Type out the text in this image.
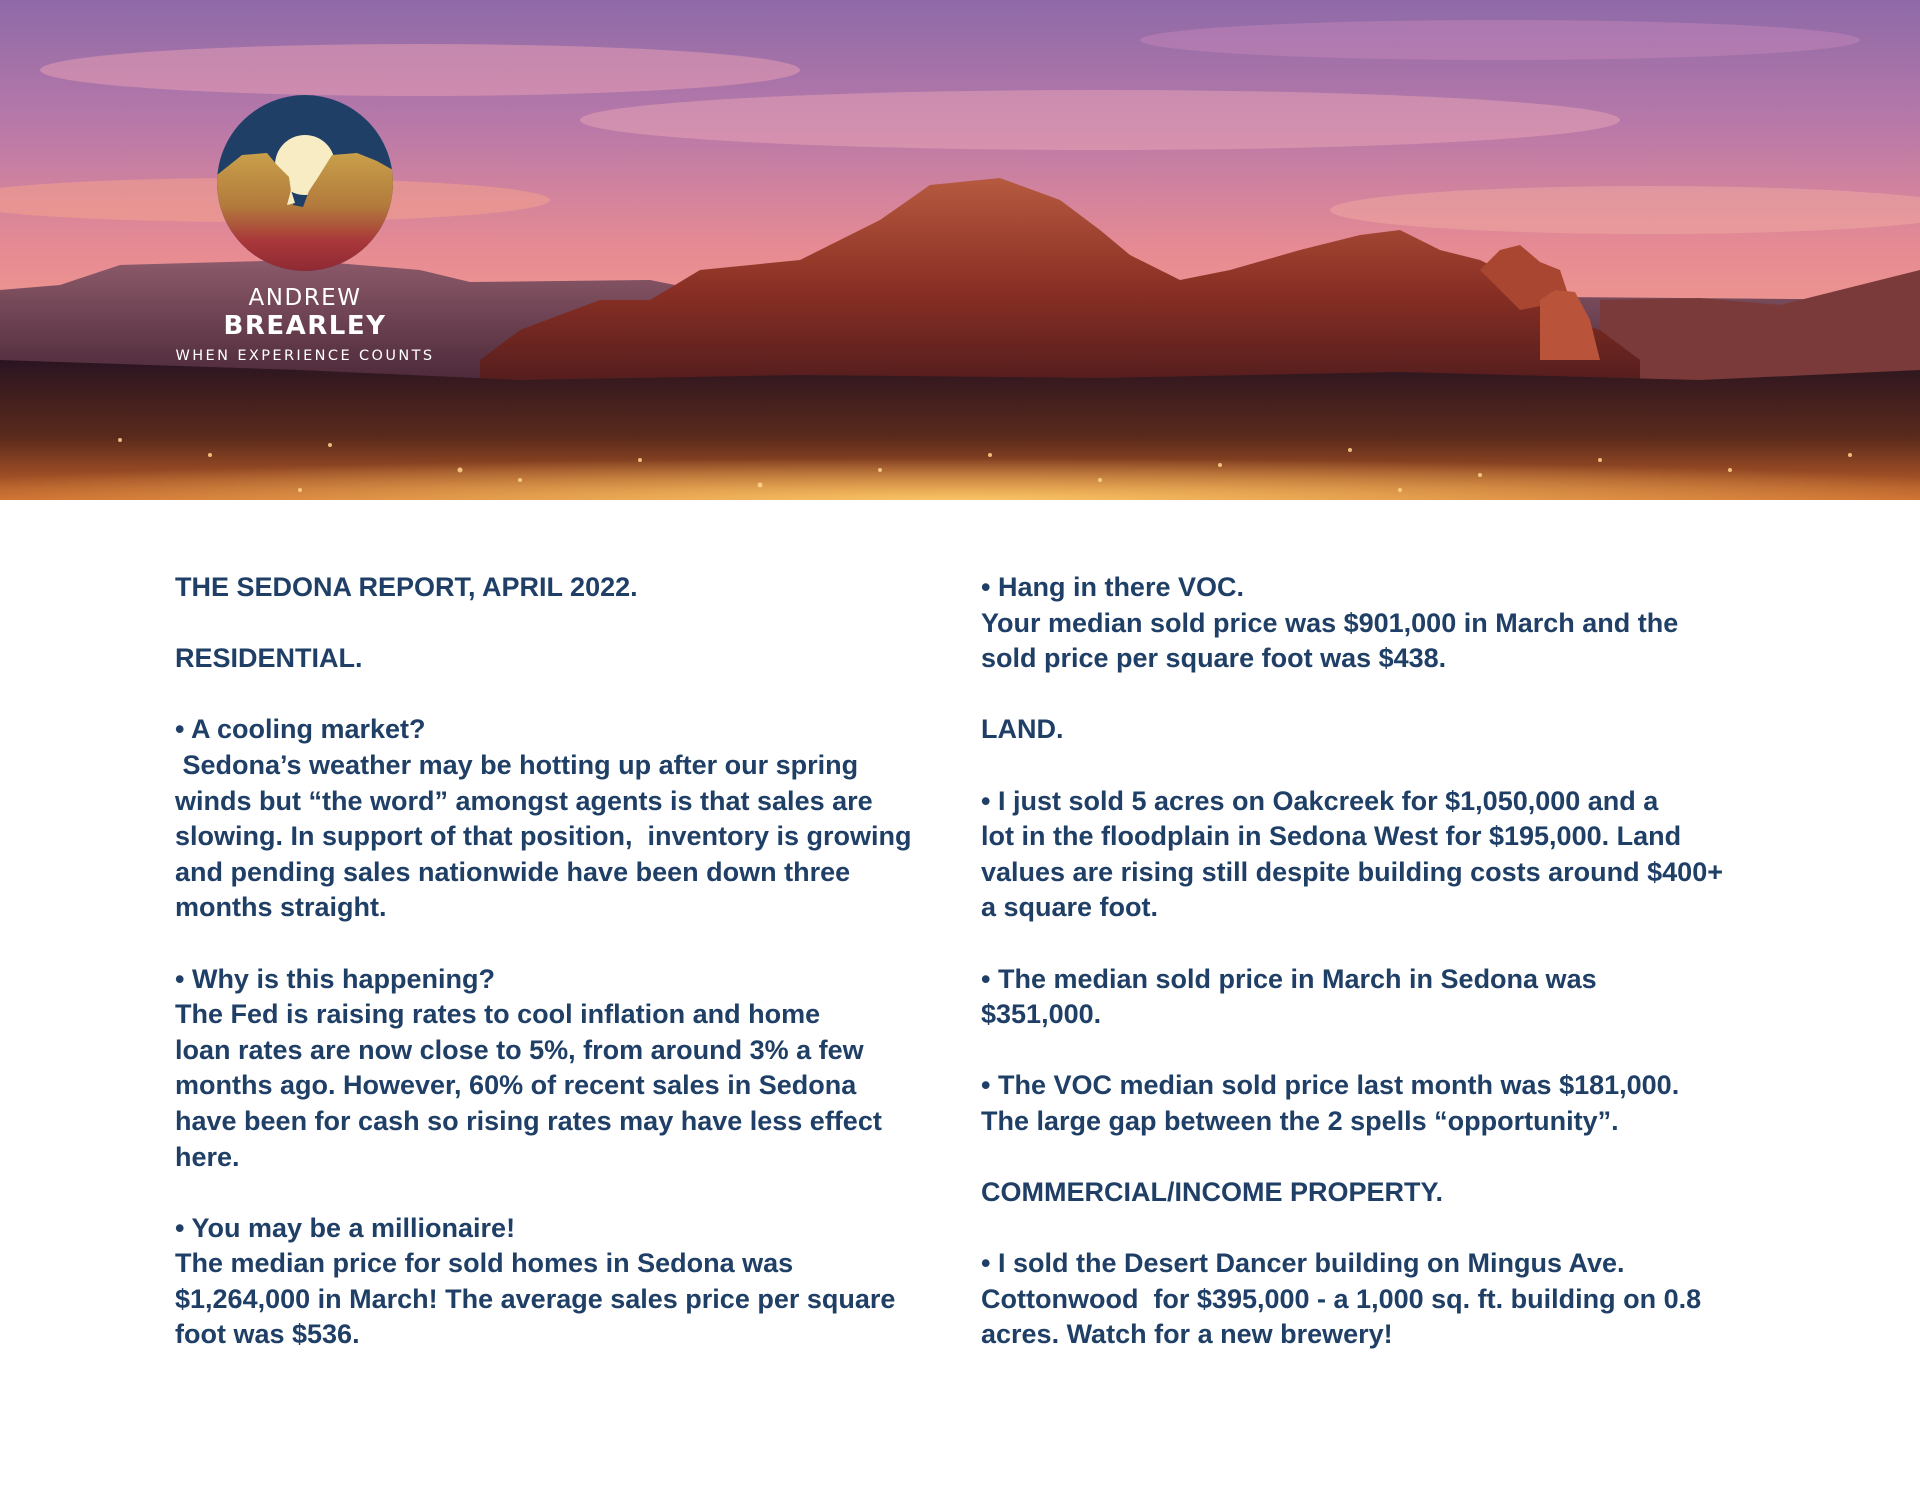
ANDREW
BREARLEY
WHEN EXPERIENCE COUNTS

THE SEDONA REPORT, APRIL 2022.

RESIDENTIAL.

• A cooling market?

Sedona’s weather may be hotting up after our spring
winds but “the word” amongst agents is that sales are
slowing. In support of that position,  inventory is growing
and pending sales nationwide have been down three
months straight.

• Why is this happening?

The Fed is raising rates to cool inflation and home
loan rates are now close to 5%, from around 3% a few
months ago. However, 60% of recent sales in Sedona
have been for cash so rising rates may have less effect
here.

• You may be a millionaire!

The median price for sold homes in Sedona was
$1,264,000 in March! The average sales price per square
foot was $536.

• Hang in there VOC.

Your median sold price was $901,000 in March and the
sold price per square foot was $438.

LAND.

• I just sold 5 acres on Oakcreek for $1,050,000 and a
lot in the floodplain in Sedona West for $195,000. Land
values are rising still despite building costs around $400+
a square foot.
• The median sold price in March in Sedona was
$351,000.
• The VOC median sold price last month was $181,000.
The large gap between the 2 spells “opportunity”.

COMMERCIAL/INCOME PROPERTY.

• I sold the Desert Dancer building on Mingus Ave.
Cottonwood  for $395,000 - a 1,000 sq. ft. building on 0.8
acres. Watch for a new brewery!
